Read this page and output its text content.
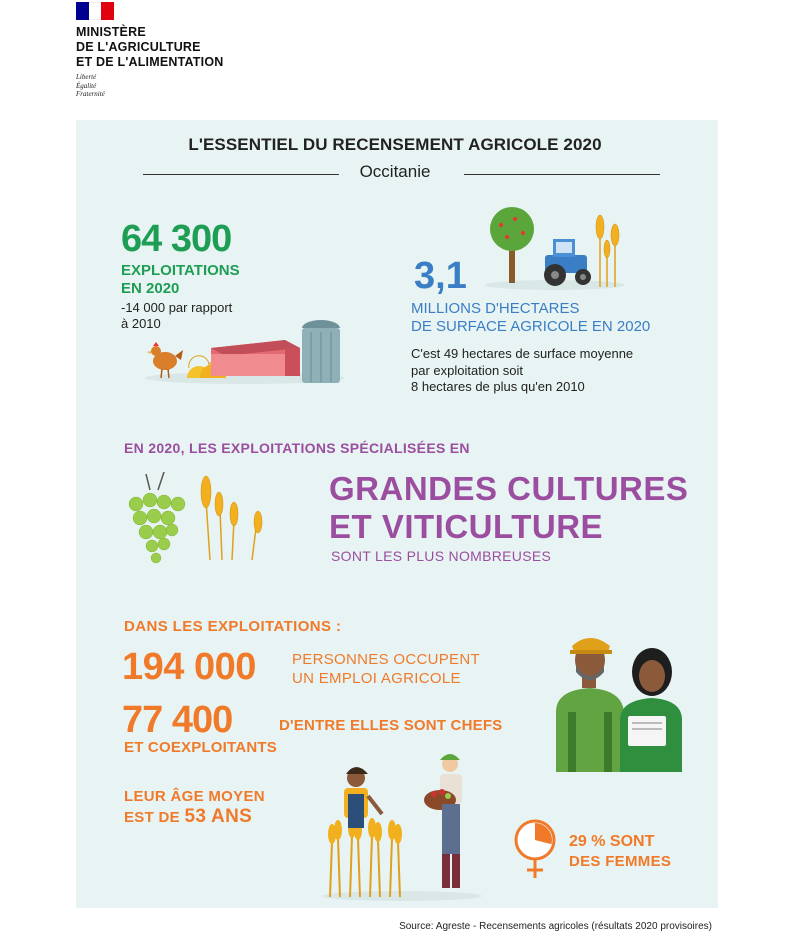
MINISTÈRE
DE L'AGRICULTURE
ET DE L'ALIMENTATION
Liberté
Égalité
Fraternité
L'ESSENTIEL DU RECENSEMENT AGRICOLE 2020
Occitanie
64 300
EXPLOITATIONS
EN 2020
-14 000 par rapport
à 2010
3,1
MILLIONS D'HECTARES
DE SURFACE AGRICOLE EN 2020
C'est 49 hectares de surface moyenne
par exploitation soit
8 hectares de plus qu'en 2010
EN 2020, LES EXPLOITATIONS SPÉCIALISÉES EN
GRANDES CULTURES
ET VITICULTURE
SONT LES PLUS NOMBREUSES
DANS LES EXPLOITATIONS :
194 000 PERSONNES OCCUPENT
UN EMPLOI AGRICOLE
77 400	D'ENTRE ELLES SONT CHEFS
ET COEXPLOITANTS
LEUR ÂGE MOYEN
EST DE 53 ANS
29 % SONT
DES FEMMES
Source: Agreste - Recensements agricoles (résultats 2020 provisoires)
